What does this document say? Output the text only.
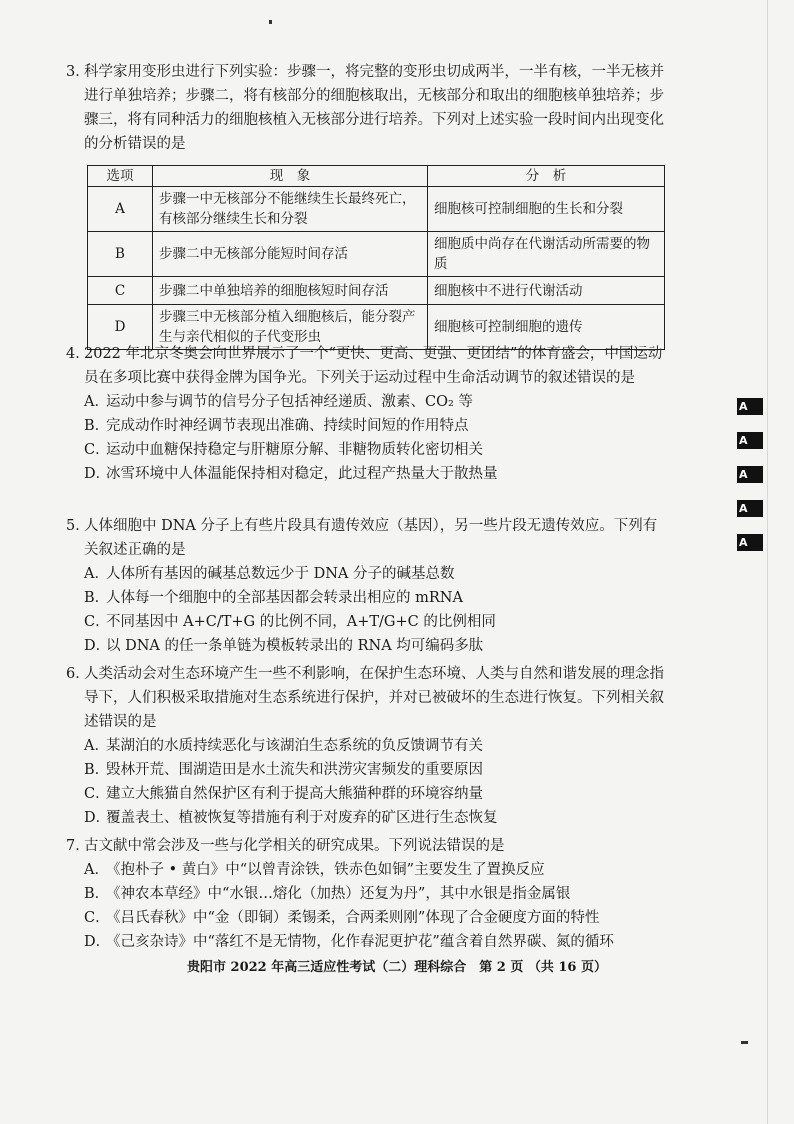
3．
科学家用变形虫进行下列实验：步骤一，将完整的变形虫切成两半，一半有核，一半无核并进行单独培养；步骤二，将有核部分的细胞核取出，无核部分和取出的细胞核单独培养；步骤三，将有同种活力的细胞核植入无核部分进行培养。下列对上述实验一段时间内出现变化的分析错误的是
选项	现　象	分　析
A	步骤一中无核部分不能继续生长最终死亡，有核部分继续生长和分裂	细胞核可控制细胞的生长和分裂
B	步骤二中无核部分能短时间存活	细胞质中尚存在代谢活动所需要的物质
C	步骤二中单独培养的细胞核短时间存活	细胞核中不进行代谢活动
D	步骤三中无核部分植入细胞核后，能分裂产生与亲代相似的子代变形虫	细胞核可控制细胞的遗传
4．
2022 年北京冬奥会向世界展示了一个“更快、更高、更强、更团结”的体育盛会，中国运动员在多项比赛中获得金牌为国争光。下列关于运动过程中生命活动调节的叙述错误的是
A．运动中参与调节的信号分子包括神经递质、激素、CO₂ 等
B．完成动作时神经调节表现出准确、持续时间短的作用特点
C．运动中血糖保持稳定与肝糖原分解、非糖物质转化密切相关
D．冰雪环境中人体温能保持相对稳定，此过程产热量大于散热量
5．
人体细胞中 DNA 分子上有些片段具有遗传效应（基因），另一些片段无遗传效应。下列有关叙述正确的是
A．人体所有基因的碱基总数远少于 DNA 分子的碱基总数
B．人体每一个细胞中的全部基因都会转录出相应的 mRNA
C．不同基因中 A+C/T+G 的比例不同，A+T/G+C 的比例相同
D．以 DNA 的任一条单链为模板转录出的 RNA 均可编码多肽
6．
人类活动会对生态环境产生一些不利影响，在保护生态环境、人类与自然和谐发展的理念指导下，人们积极采取措施对生态系统进行保护，并对已被破坏的生态进行恢复。下列相关叙述错误的是
A．某湖泊的水质持续恶化与该湖泊生态系统的负反馈调节有关
B．毁林开荒、围湖造田是水土流失和洪涝灾害频发的重要原因
C．建立大熊猫自然保护区有利于提高大熊猫种群的环境容纳量
D．覆盖表土、植被恢复等措施有利于对废弃的矿区进行生态恢复
7．
古文献中常会涉及一些与化学相关的研究成果。下列说法错误的是
A．《抱朴子 • 黄白》中“以曾青涂铁，铁赤色如铜”主要发生了置换反应
B．《神农本草经》中“水银…熔化（加热）还复为丹”，其中水银是指金属银
C．《吕氏春秋》中“金（即铜）柔锡柔，合两柔则刚”体现了合金硬度方面的特性
D．《己亥杂诗》中“落红不是无情物，化作春泥更护花”蕴含着自然界碳、氮的循环
贵阳市 2022 年高三适应性考试（二）理科综合　第 2 页 （共 16 页）
A
A
A
A
A
